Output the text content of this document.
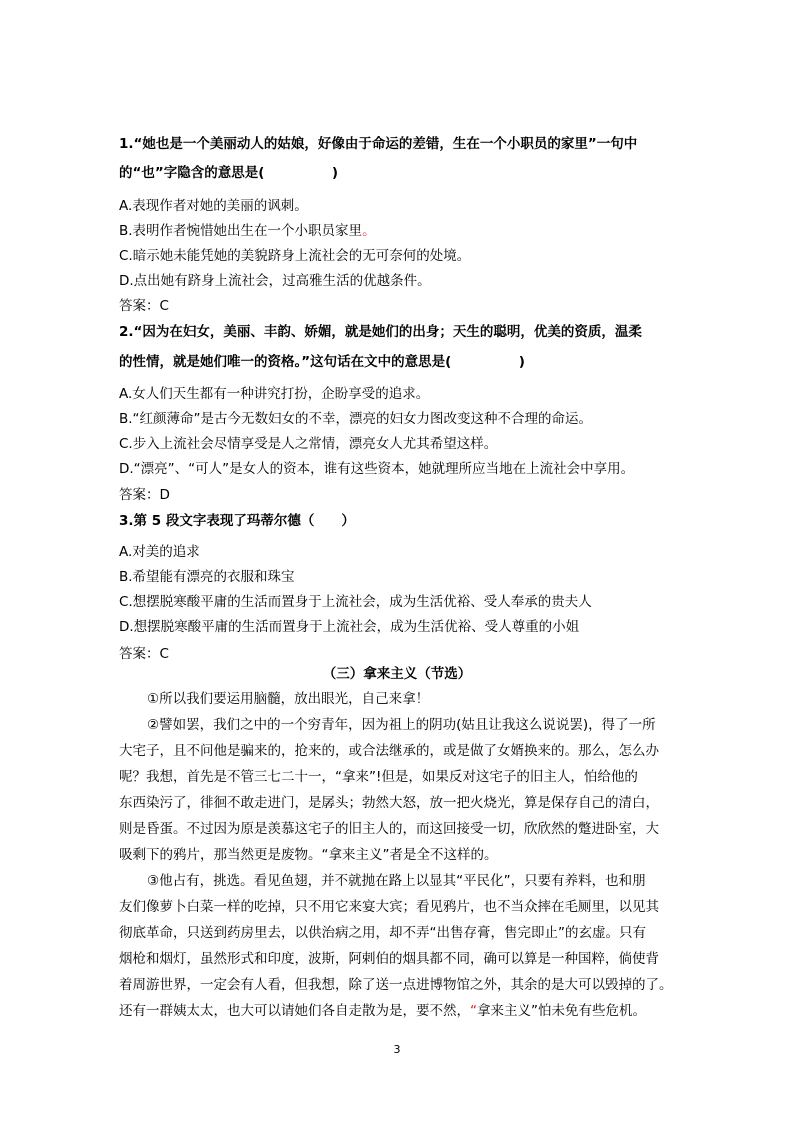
1.“她也是一个美丽动人的姑娘，好像由于命运的差错，生在一个小职员的家里”一句中
的“也”字隐含的意思是(　　　　　)
A.表现作者对她的美丽的讽刺。
B.表明作者惋惜她出生在一个小职员家里。
C.暗示她未能凭她的美貌跻身上流社会的无可奈何的处境。
D.点出她有跻身上流社会，过高雅生活的优越条件。
答案：C
2.“因为在妇女，美丽、丰韵、娇媚，就是她们的出身；天生的聪明，优美的资质，温柔
的性情，就是她们唯一的资格。”这句话在文中的意思是(　　　　　)
A.女人们天生都有一种讲究打扮，企盼享受的追求。
B.“红颜薄命”是古今无数妇女的不幸，漂亮的妇女力图改变这种不合理的命运。
C.步入上流社会尽情享受是人之常情，漂亮女人尤其希望这样。
D.“漂亮”、“可人”是女人的资本，谁有这些资本，她就理所应当地在上流社会中享用。
答案：D
3.第 5 段文字表现了玛蒂尔德（　　）
A.对美的追求
B.希望能有漂亮的衣服和珠宝
C.想摆脱寒酸平庸的生活而置身于上流社会，成为生活优裕、受人奉承的贵夫人
D.想摆脱寒酸平庸的生活而置身于上流社会，成为生活优裕、受人尊重的小姐
答案：C
（三）拿来主义（节选）
①所以我们要运用脑髓，放出眼光，自己来拿！
②譬如罢，我们之中的一个穷青年，因为祖上的阴功(姑且让我这么说说罢)，得了一所
大宅子，且不问他是骗来的，抢来的，或合法继承的，或是做了女婿换来的。那么，怎么办
呢？我想，首先是不管三七二十一，“拿来”!但是，如果反对这宅子的旧主人，怕给他的
东西染污了，徘徊不敢走进门，是孱头；勃然大怒，放一把火烧光，算是保存自己的清白，
则是昏蛋。不过因为原是羡慕这宅子的旧主人的，而这回接受一切，欣欣然的蹩进卧室，大
吸剩下的鸦片，那当然更是废物。“拿来主义”者是全不这样的。
③他占有，挑选。看见鱼翅，并不就抛在路上以显其“平民化”，只要有养料，也和朋
友们像萝卜白菜一样的吃掉，只不用它来宴大宾；看见鸦片，也不当众摔在毛厕里，以见其
彻底革命，只送到药房里去，以供治病之用，却不弄“出售存膏，售完即止”的玄虚。只有
烟枪和烟灯，虽然形式和印度，波斯，阿剌伯的烟具都不同，确可以算是一种国粹，倘使背
着周游世界，一定会有人看，但我想，除了送一点进博物馆之外，其余的是大可以毁掉的了。
还有一群姨太太，也大可以请她们各自走散为是，要不然，“拿来主义”怕未免有些危机。
3
